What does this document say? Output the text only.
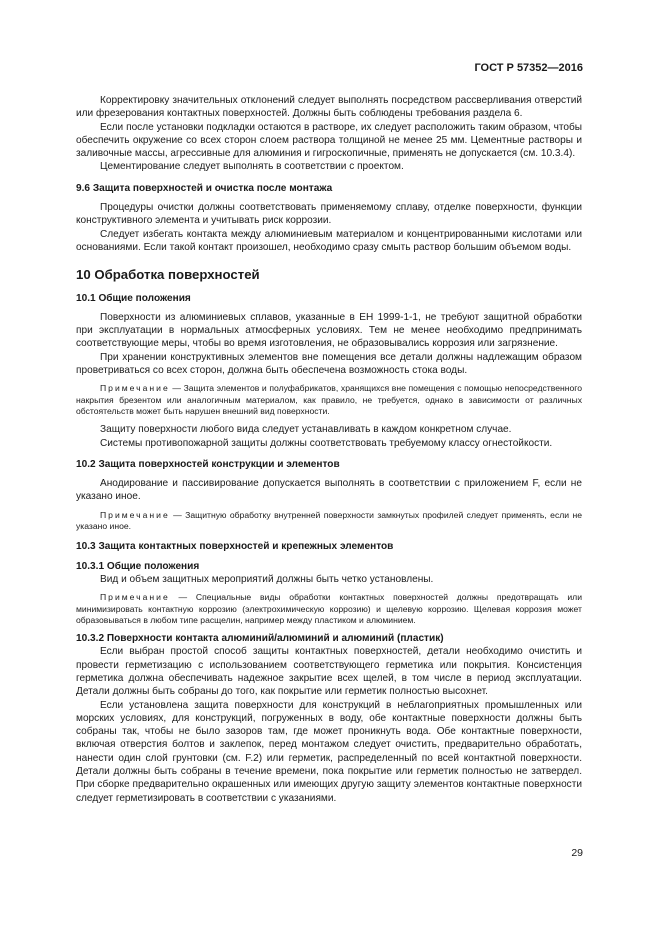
ГОСТ Р 57352—2016

Корректировку значительных отклонений следует выполнять посредством рассверливания отверстий или фрезерования контактных поверхностей. Должны быть соблюдены требования раздела 6.

Если после установки подкладки остаются в растворе, их следует расположить таким образом, чтобы обеспечить окружение со всех сторон слоем раствора толщиной не менее 25 мм. Цементные растворы и заливочные массы, агрессивные для алюминия и гигроскопичные, применять не допускается (см. 10.3.4).

Цементирование следует выполнять в соответствии с проектом.

9.6 Защита поверхностей и очистка после монтажа

Процедуры очистки должны соответствовать применяемому сплаву, отделке поверхности, функции конструктивного элемента и учитывать риск коррозии.

Следует избегать контакта между алюминиевым материалом и концентрированными кислотами или основаниями. Если такой контакт произошел, необходимо сразу смыть раствор большим объемом воды.

10 Обработка поверхностей

10.1 Общие положения

Поверхности из алюминиевых сплавов, указанные в ЕН 1999-1-1, не требуют защитной обработки при эксплуатации в нормальных атмосферных условиях. Тем не менее необходимо предпринимать соответствующие меры, чтобы во время изготовления, не образовывались коррозия или загрязнение.

При хранении конструктивных элементов вне помещения все детали должны надлежащим образом проветриваться со всех сторон, должна быть обеспечена возможность стока воды.

Примечание — Защита элементов и полуфабрикатов, хранящихся вне помещения с помощью непосредственного накрытия брезентом или аналогичным материалом, как правило, не требуется, однако в зависимости от различных обстоятельств может быть нарушен внешний вид поверхности.

Защиту поверхности любого вида следует устанавливать в каждом конкретном случае.

Системы противопожарной защиты должны соответствовать требуемому классу огнестойкости.

10.2 Защита поверхностей конструкции и элементов

Анодирование и пассивирование допускается выполнять в соответствии с приложением F, если не указано иное.

Примечание — Защитную обработку внутренней поверхности замкнутых профилей следует применять, если не указано иное.

10.3 Защита контактных поверхностей и крепежных элементов

10.3.1 Общие положения

Вид и объем защитных мероприятий должны быть четко установлены.

Примечание — Специальные виды обработки контактных поверхностей должны предотвращать или минимизировать контактную коррозию (электрохимическую коррозию) и щелевую коррозию. Щелевая коррозия может образовываться в любом типе расщелин, например между пластиком и алюминием.

10.3.2 Поверхности контакта алюминий/алюминий и алюминий (пластик)

Если выбран простой способ защиты контактных поверхностей, детали необходимо очистить и провести герметизацию с использованием соответствующего герметика или покрытия. Консистенция герметика должна обеспечивать надежное закрытие всех щелей, в том числе в период эксплуатации. Детали должны быть собраны до того, как покрытие или герметик полностью высохнет.

Если установлена защита поверхности для конструкций в неблагоприятных промышленных или морских условиях, для конструкций, погруженных в воду, обе контактные поверхности должны быть собраны так, чтобы не было зазоров там, где может проникнуть вода. Обе контактные поверхности, включая отверстия болтов и заклепок, перед монтажом следует очистить, предварительно обработать, нанести один слой грунтовки (см. F.2) или герметик, распределенный по всей контактной поверхности. Детали должны быть собраны в течение времени, пока покрытие или герметик полностью не затвердел. При сборке предварительно окрашенных или имеющих другую защиту элементов контактные поверхности следует герметизировать в соответствии с указаниями.

29
